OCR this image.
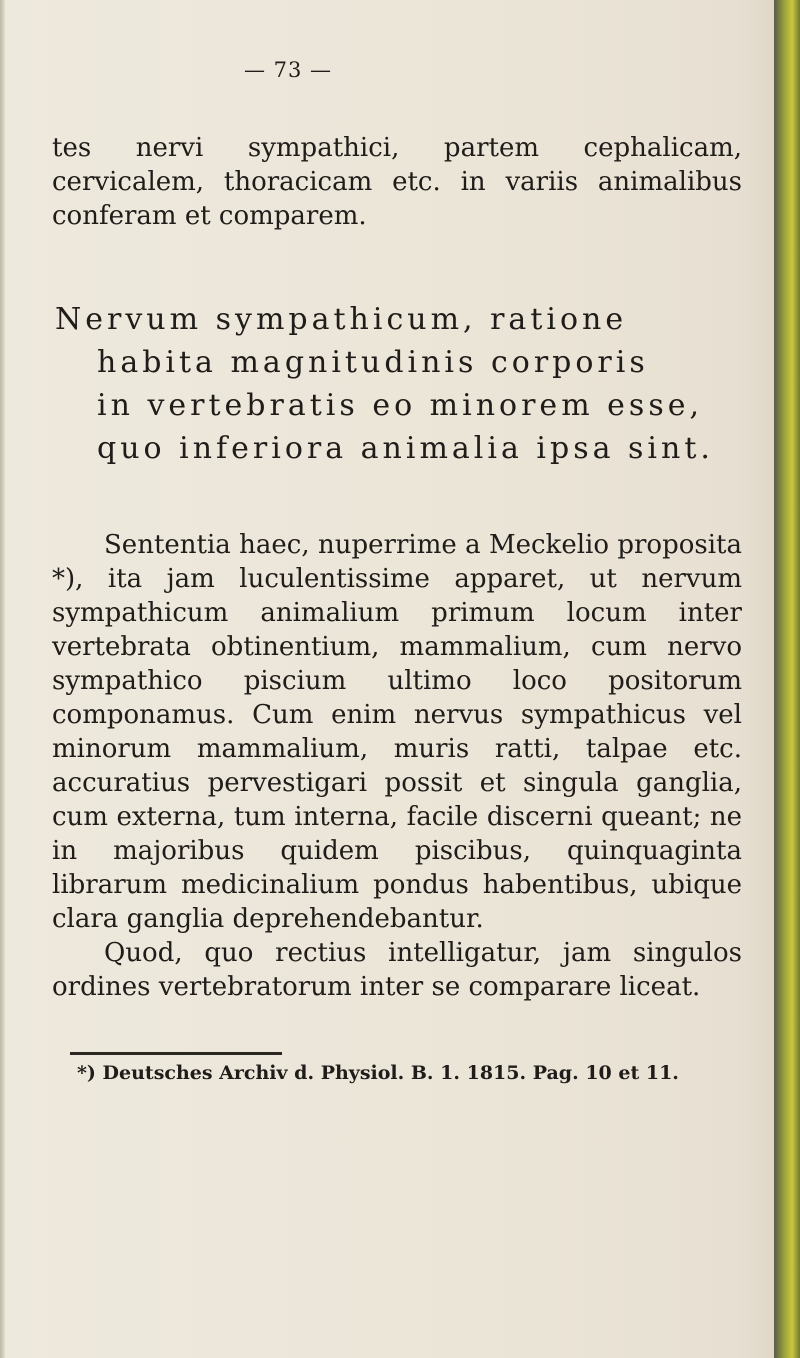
— 73 —
tes nervi sympathici, partem cephalicam, cervicalem, thoracicam etc. in variis animalibus conferam et comparem.
Nervum sympathicum, ratione
habita magnitudinis corporis
in vertebratis eo minorem esse, quo inferiora animalia ipsa sint.

Sententia haec, nuperrime a Meckelio proposita *), ita jam luculentissime apparet, ut nervum sympathicum animalium primum locum inter vertebrata obtinentium, mammalium, cum nervo sympathico piscium ultimo loco positorum componamus. Cum enim nervus sympathicus vel minorum mammalium, muris ratti, talpae etc. accuratius pervestigari possit et singula ganglia, cum externa, tum interna, facile discerni queant; ne in majoribus quidem piscibus, quinquaginta librarum medicinalium pondus habentibus, ubique clara ganglia deprehendebantur.

Quod, quo rectius intelligatur, jam singulos ordines vertebratorum inter se comparare liceat.

*) Deutsches Archiv d. Physiol. B. 1. 1815. Pag. 10 et 11.
